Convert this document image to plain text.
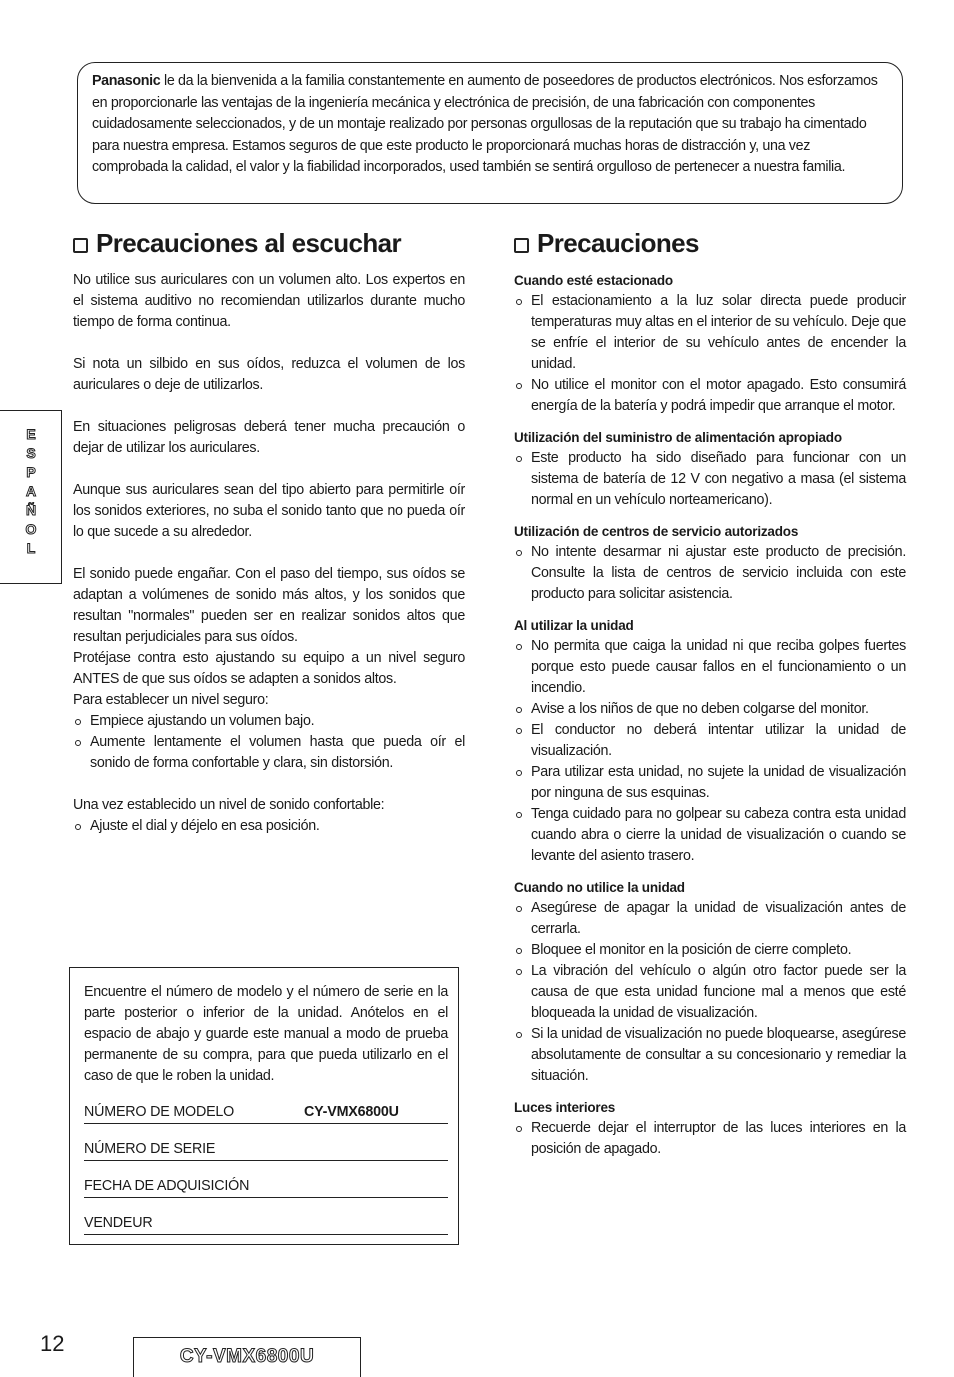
Panasonic le da la bienvenida a la familia constantemente en aumento de poseedores de productos electrónicos. Nos esforzamos en proporcionarle las ventajas de la ingeniería mecánica y electrónica de precisión, de una fabricación con componentes cuidadosamente seleccionados, y de un montaje realizado por personas orgullosas de la reputación que su trabajo ha cimentado para nuestra empresa. Estamos seguros de que este producto le proporcionará muchas horas de distracción y, una vez comprobada la calidad, el valor y la fiabilidad incorporados, used también se sentirá orgulloso de pertenecer a nuestra familia.

E
S
P
A
Ñ
O
L
Precauciones al escuchar

No utilice sus auriculares con un volumen alto. Los expertos en el sistema auditivo no recomiendan utilizarlos durante mucho tiempo de forma continua.

Si nota un silbido en sus oídos, reduzca el volumen de los auriculares o deje de utilizarlos.

En situaciones peligrosas deberá tener mucha precaución o dejar de utilizar los auriculares.

Aunque sus auriculares sean del tipo abierto para permitirle oír los sonidos exteriores, no suba el sonido tanto que no pueda oír lo que sucede a su alrededor.

El sonido puede engañar. Con el paso del tiempo, sus oídos se adaptan a volúmenes de sonido más altos, y los sonidos que resultan "normales" pueden ser en realizar sonidos altos que resultan perjudiciales para sus oídos.

Protéjase contra esto ajustando su equipo a un nivel seguro ANTES de que sus oídos se adapten a sonidos altos.

Para establecer un nivel seguro:

Empiece ajustando un volumen bajo.
Aumente lentamente el volumen hasta que pueda oír el sonido de forma confortable y clara, sin distorsión.

Una vez establecido un nivel de sonido confortable:

Ajuste el dial y déjelo en esa posición.

Encuentre el número de modelo y el número de serie en la parte posterior o inferior de la unidad. Anótelos en el espacio de abajo y guarde este manual a modo de prueba permanente de su compra, para que pueda utilizarlo en el caso de que le roben la unidad.

NÚMERO DE MODELO	CY-VMX6800U
NÚMERO DE SERIE
FECHA DE ADQUISICIÓN
VENDEUR
Precauciones
Cuando esté estacionado
El estacionamiento a la luz solar directa puede producir temperaturas muy altas en el interior de su vehículo. Deje que se enfríe el interior de su vehículo antes de encender la unidad.
No utilice el monitor con el motor apagado. Esto consumirá energía de la batería y podrá impedir que arranque el motor.
Utilización del suministro de alimentación apropiado
Este producto ha sido diseñado para funcionar con un sistema de batería de 12 V con negativo a masa (el sistema normal en un vehículo norteamericano).
Utilización de centros de servicio autorizados
No intente desarmar ni ajustar este producto de precisión. Consulte la lista de centros de servicio incluida con este producto para solicitar asistencia.
Al utilizar la unidad
No permita que caiga la unidad ni que reciba golpes fuertes porque esto puede causar fallos en el funcionamiento o un incendio.
Avise a los niños de que no deben colgarse del monitor.
El conductor no deberá intentar utilizar la unidad de visualización.
Para utilizar esta unidad, no sujete la unidad de visualización por ninguna de sus esquinas.
Tenga cuidado para no golpear su cabeza contra esta unidad cuando abra o cierre la unidad de visualización o cuando se levante del asiento trasero.
Cuando no utilice la unidad
Asegúrese de apagar la unidad de visualización antes de cerrarla.
Bloquee el monitor en la posición de cierre completo.
La vibración del vehículo o algún otro factor puede ser la causa de que esta unidad funcione mal a menos que esté bloqueada la unidad de visualización.
Si la unidad de visualización no puede bloquearse, asegúrese absolutamente de consultar a su concesionario y remediar la situación.
Luces interiores
Recuerde dejar el interruptor de las luces interiores en la posición de apagado.
12
CY-VMX6800U
